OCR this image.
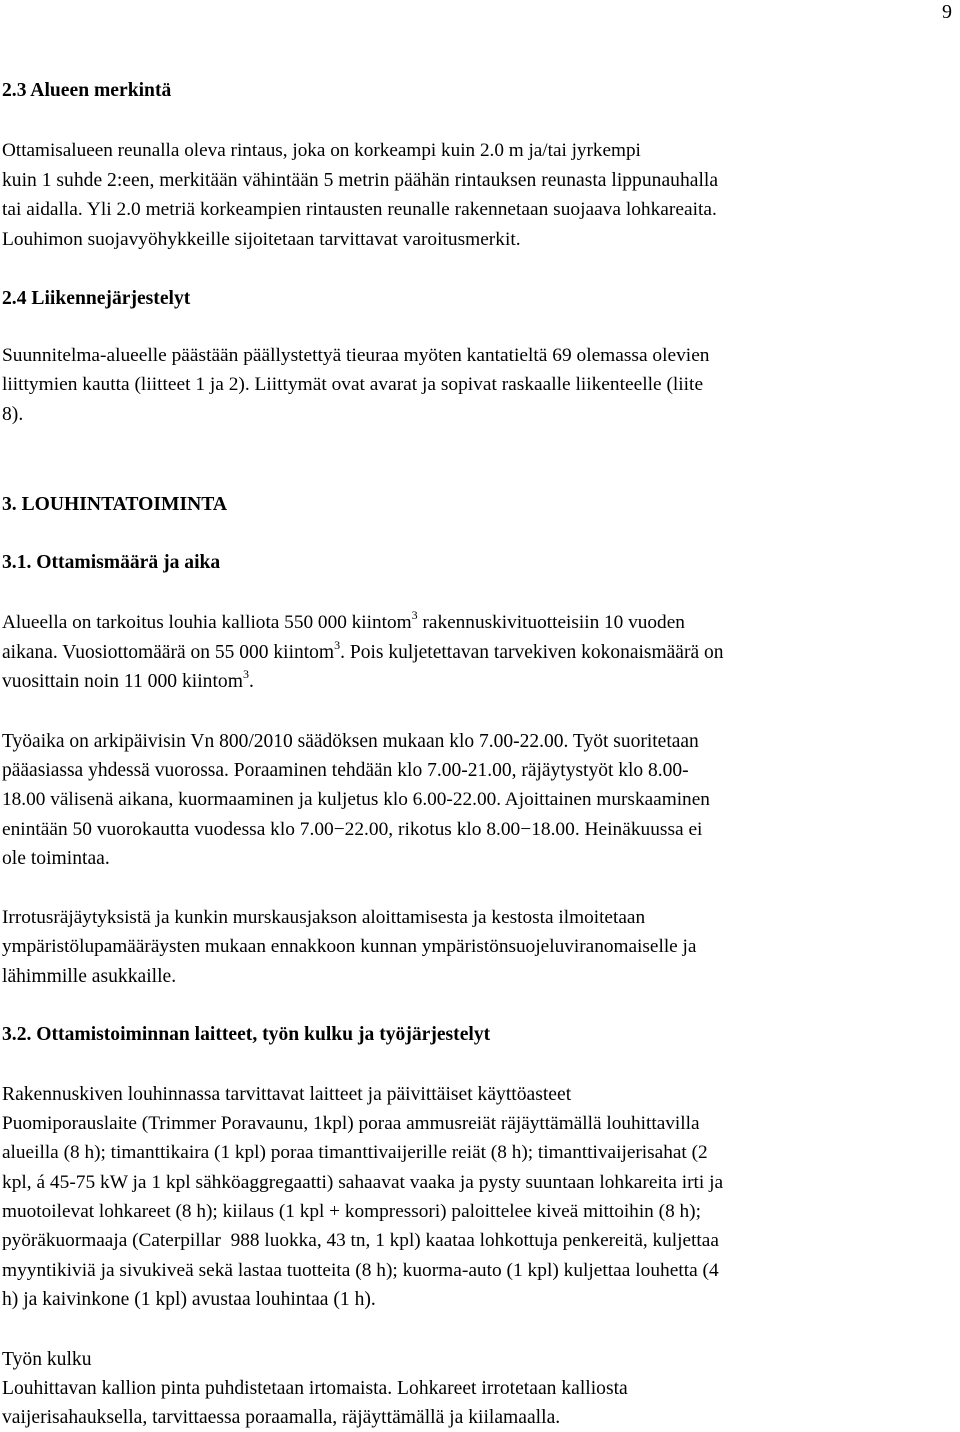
9
2.3 Alueen merkintä
Ottamisalueen reunalla oleva rintaus, joka on korkeampi kuin 2.0 m ja/tai jyrkempi
kuin 1 suhde 2:een, merkitään vähintään 5 metrin päähän rintauksen reunasta lippunauhalla
tai aidalla. Yli 2.0 metriä korkeampien rintausten reunalle rakennetaan suojaava lohkareaita.
Louhimon suojavyöhykkeille sijoitetaan tarvittavat varoitusmerkit.
2.4 Liikennejärjestelyt
Suunnitelma-alueelle päästään päällystettyä tieuraa myöten kantatieltä 69 olemassa olevien
liittymien kautta (liitteet 1 ja 2). Liittymät ovat avarat ja sopivat raskaalle liikenteelle (liite
8).
3. LOUHINTATOIMINTA
3.1. Ottamismäärä ja aika
Alueella on tarkoitus louhia kalliota 550 000 kiintom$^3$ rakennuskivituotteisiin 10 vuoden
aikana. Vuosiottomäärä on 55 000 kiintom$^3$. Pois kuljetettavan tarvekiven kokonaismäärä on
vuosittain noin 11 000 kiintom$^3$.
Työaika on arkipäivisin Vn 800/2010 säädöksen mukaan klo 7.00-22.00. Työt suoritetaan
pääasiassa yhdessä vuorossa. Poraaminen tehdään klo 7.00-21.00, räjäytystyöt klo 8.00-
18.00 välisenä aikana, kuormaaminen ja kuljetus klo 6.00-22.00. Ajoittainen murskaaminen
enintään 50 vuorokautta vuodessa klo 7.00−22.00, rikotus klo 8.00−18.00. Heinäkuussa ei
ole toimintaa.
Irrotusräjäytyksistä ja kunkin murskausjakson aloittamisesta ja kestosta ilmoitetaan
ympäristölupamääräysten mukaan ennakkoon kunnan ympäristönsuojeluviranomaiselle ja
lähimmille asukkaille.
3.2. Ottamistoiminnan laitteet, työn kulku ja työjärjestelyt
Rakennuskiven louhinnassa tarvittavat laitteet ja päivittäiset käyttöasteet
Puomiporauslaite (Trimmer Poravaunu, 1kpl) poraa ammusreiät räjäyttämällä louhittavilla
alueilla (8 h); timanttikaira (1 kpl) poraa timanttivaijerille reiät (8 h); timanttivaijerisahat (2
kpl, á 45-75 kW ja 1 kpl sähköaggregaatti) sahaavat vaaka ja pysty suuntaan lohkareita irti ja
muotoilevat lohkareet (8 h); kiilaus (1 kpl + kompressori) paloittelee kiveä mittoihin (8 h);
pyöräkuormaaja (Caterpillar  988 luokka, 43 tn, 1 kpl) kaataa lohkottuja penkereitä, kuljettaa
myyntikiviä ja sivukiveä sekä lastaa tuotteita (8 h); kuorma-auto (1 kpl) kuljettaa louhetta (4
h) ja kaivinkone (1 kpl) avustaa louhintaa (1 h).
Työn kulku
Louhittavan kallion pinta puhdistetaan irtomaista. Lohkareet irrotetaan kalliosta
vaijerisahauksella, tarvittaessa poraamalla, räjäyttämällä ja kiilamaalla.
